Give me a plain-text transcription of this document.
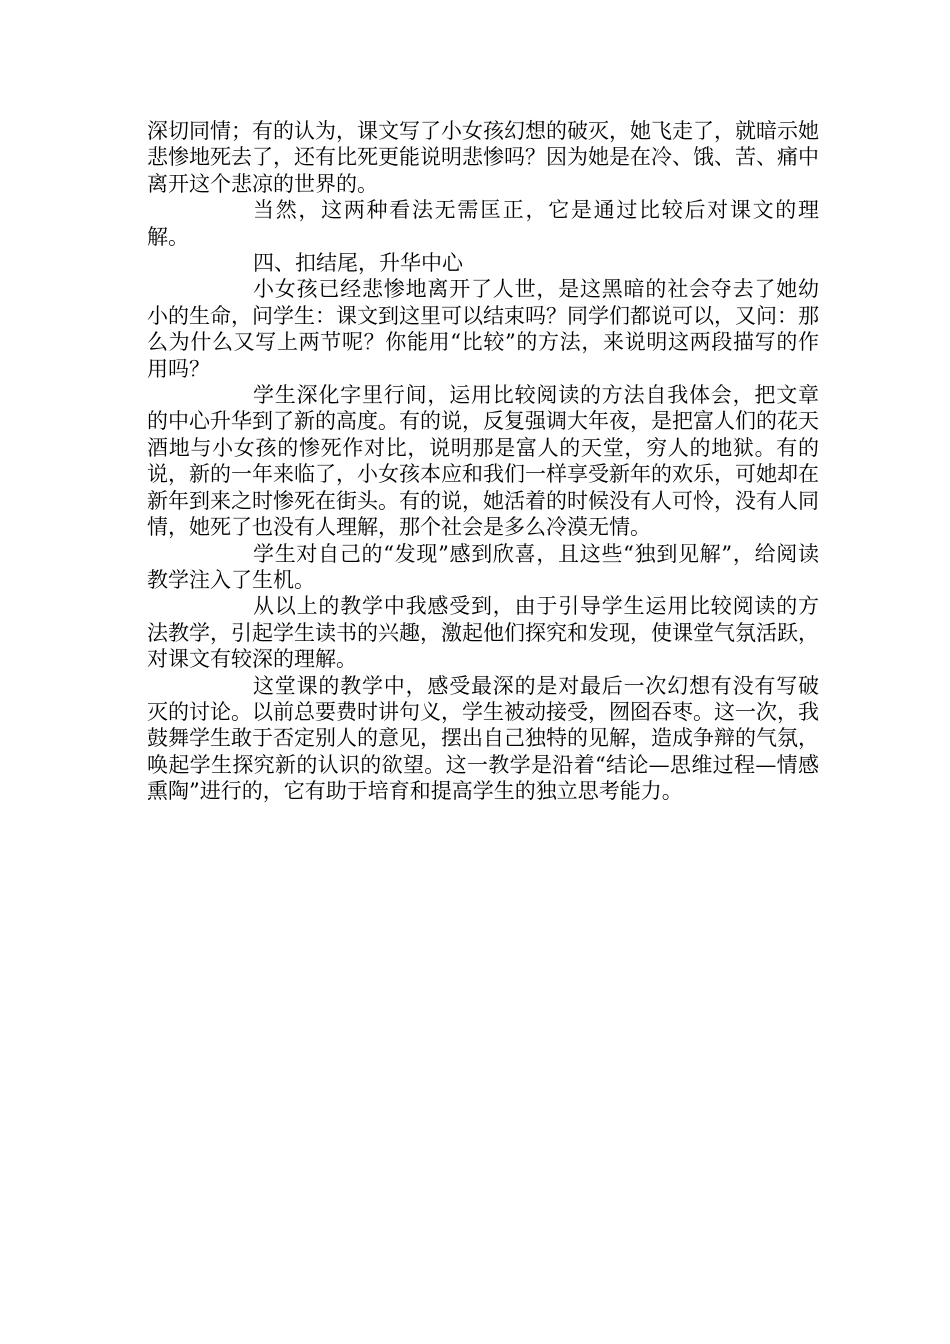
深切同情；有的认为，课文写了小女孩幻想的破灭，她飞走了，就暗示她悲惨地死去了，还有比死更能说明悲惨吗？因为她是在冷、饿、苦、痛中离开这个悲凉的世界的。

当然，这两种看法无需匡正，它是通过比较后对课文的理解。

四、扣结尾，升华中心

小女孩已经悲惨地离开了人世，是这黑暗的社会夺去了她幼小的生命，问学生：课文到这里可以结束吗？同学们都说可以，又问：那么为什么又写上两节呢？你能用“比较”的方法，来说明这两段描写的作用吗？

学生深化字里行间，运用比较阅读的方法自我体会，把文章的中心升华到了新的高度。有的说，反复强调大年夜，是把富人们的花天酒地与小女孩的惨死作对比，说明那是富人的天堂，穷人的地狱。有的说，新的一年来临了，小女孩本应和我们一样享受新年的欢乐，可她却在新年到来之时惨死在街头。有的说，她活着的时候没有人可怜，没有人同情，她死了也没有人理解，那个社会是多么冷漠无情。

学生对自己的“发现”感到欣喜，且这些“独到见解”，给阅读教学注入了生机。

从以上的教学中我感受到，由于引导学生运用比较阅读的方法教学，引起学生读书的兴趣，激起他们探究和发现，使课堂气氛活跃，对课文有较深的理解。

这堂课的教学中，感受最深的是对最后一次幻想有没有写破灭的讨论。以前总要费时讲句义，学生被动接受，囫囵吞枣。这一次，我鼓舞学生敢于否定别人的意见，摆出自己独特的见解，造成争辩的气氛，唤起学生探究新的认识的欲望。这一教学是沿着“结论—思维过程—情感熏陶”进行的，它有助于培育和提高学生的独立思考能力。
